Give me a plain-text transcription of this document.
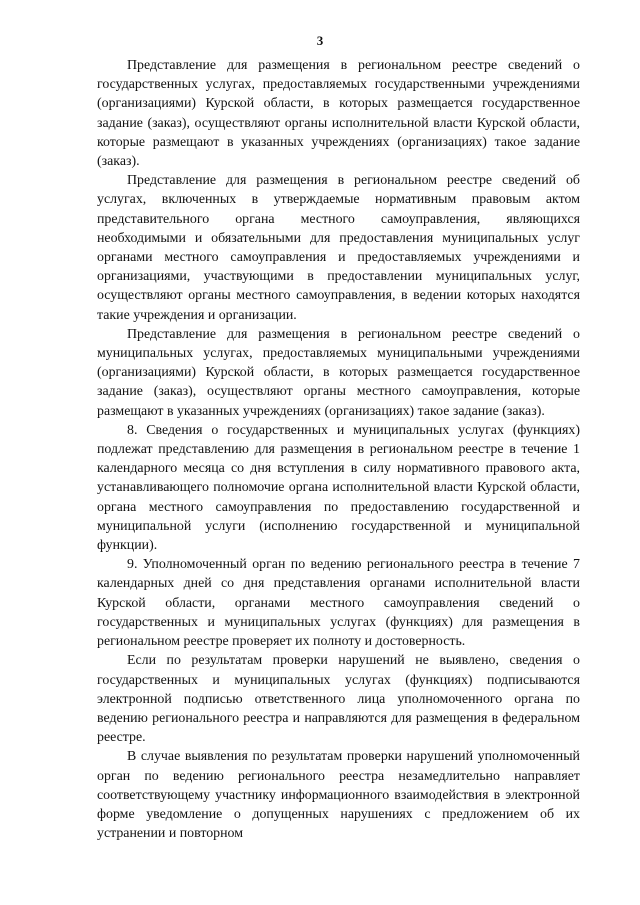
3

Представление для размещения в региональном реестре сведений о государственных услугах, предоставляемых государственными учреждениями (организациями) Курской области, в которых размещается государственное задание (заказ), осуществляют органы исполнительной власти Курской области, которые размещают в указанных учреждениях (организациях) такое задание (заказ).

Представление для размещения в региональном реестре сведений об услугах, включенных в утверждаемые нормативным правовым актом представительного органа местного самоуправления, являющихся необходимыми и обязательными для предоставления муниципальных услуг органами местного самоуправления и предоставляемых учреждениями и организациями, участвующими в предоставлении муниципальных услуг, осуществляют органы местного самоуправления, в ведении которых находятся такие учреждения и организации.

Представление для размещения в региональном реестре сведений о муниципальных услугах, предоставляемых муниципальными учреждениями (организациями) Курской области, в которых размещается государственное задание (заказ), осуществляют органы местного самоуправления, которые размещают в указанных учреждениях (организациях) такое задание (заказ).

8. Сведения о государственных и муниципальных услугах (функциях) подлежат представлению для размещения в региональном реестре в течение 1 календарного месяца со дня вступления в силу нормативного правового акта, устанавливающего полномочие органа исполнительной власти Курской области, органа местного самоуправления по предоставлению государственной и муниципальной услуги (исполнению государственной и муниципальной функции).

9. Уполномоченный орган по ведению регионального реестра в течение 7 календарных дней со дня представления органами исполнительной власти Курской области, органами местного самоуправления сведений о государственных и муниципальных услугах (функциях) для размещения в региональном реестре проверяет их полноту и достоверность.

Если по результатам проверки нарушений не выявлено, сведения о государственных и муниципальных услугах (функциях) подписываются электронной подписью ответственного лица уполномоченного органа по ведению регионального реестра и направляются для размещения в федеральном реестре.

В случае выявления по результатам проверки нарушений уполномоченный орган по ведению регионального реестра незамедлительно направляет соответствующему участнику информационного взаимодействия в электронной форме уведомление о допущенных нарушениях с предложением об их устранении и повторном
